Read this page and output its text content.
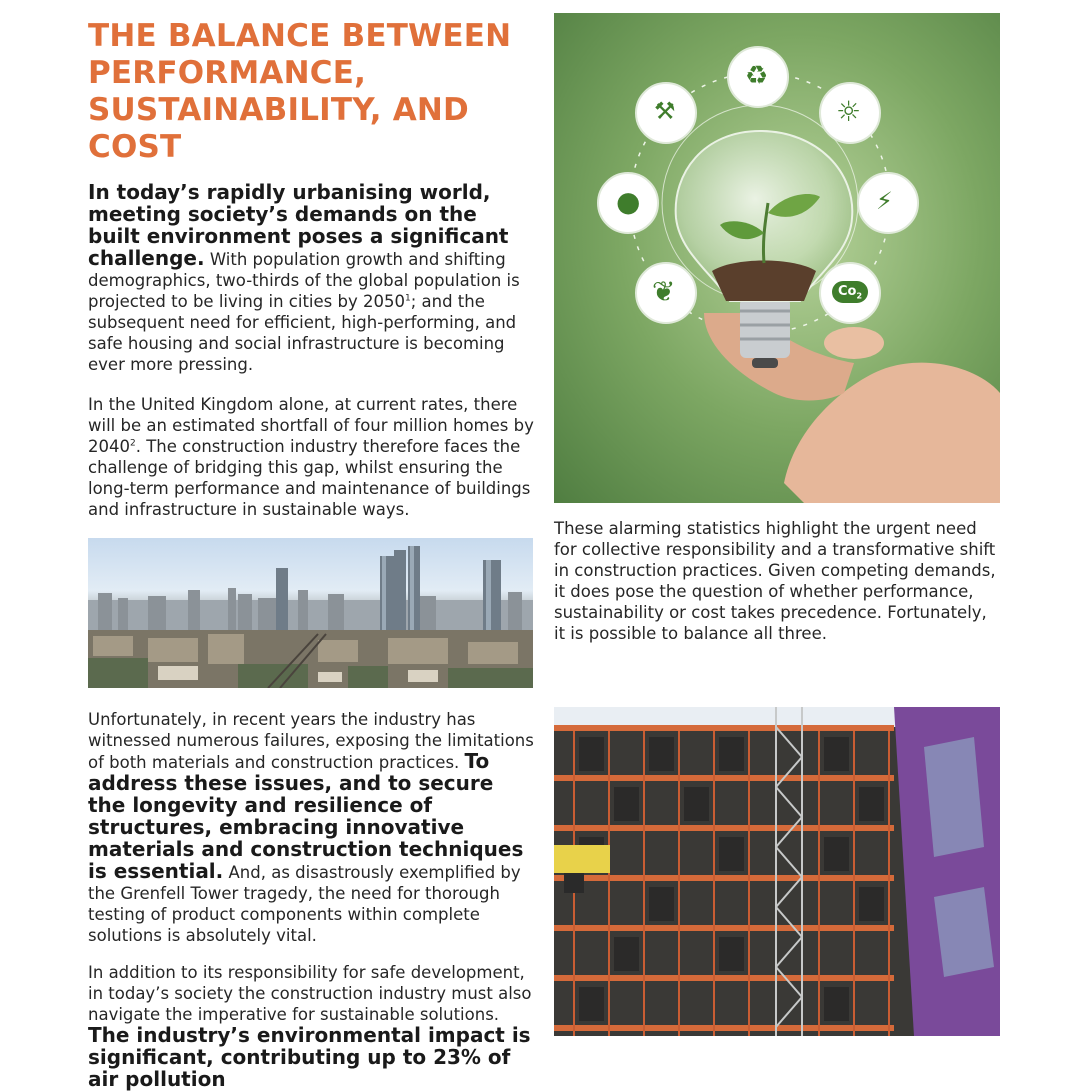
THE BALANCE BETWEEN PERFORMANCE, SUSTAINABILITY, AND COST

In today’s rapidly urbanising world, meeting society’s demands on the built environment poses a significant challenge. With population growth and shifting demographics, two-thirds of the global population is projected to be living in cities by 2050$^1$; and the subsequent need for efficient, high-performing, and safe housing and social infrastructure is becoming ever more pressing.

In the United Kingdom alone, at current rates, there will be an estimated shortfall of four million homes by 2040$^2$. The construction industry therefore faces the challenge of bridging this gap, whilst ensuring the long-term performance and maintenance of buildings and infrastructure in sustainable ways.

Unfortunately, in recent years the industry has witnessed numerous failures, exposing the limitations of both materials and construction practices. To address these issues, and to secure the longevity and resilience of structures, embracing innovative materials and construction techniques is essential. And, as disastrously exemplified by the Grenfell Tower tragedy, the need for thorough testing of product components within complete solutions is absolutely vital.

In addition to its responsibility for safe development, in today’s society the construction industry must also navigate the imperative for sustainable solutions. The industry’s environmental impact is significant, contributing up to 23% of air pollution

♻
⚒	☼
●	⚡
❦	$Co_2$

These alarming statistics highlight the urgent need for collective responsibility and a transformative shift in construction practices. Given competing demands, it does pose the question of whether performance, sustainability or cost takes precedence. Fortunately, it is possible to balance all three.
